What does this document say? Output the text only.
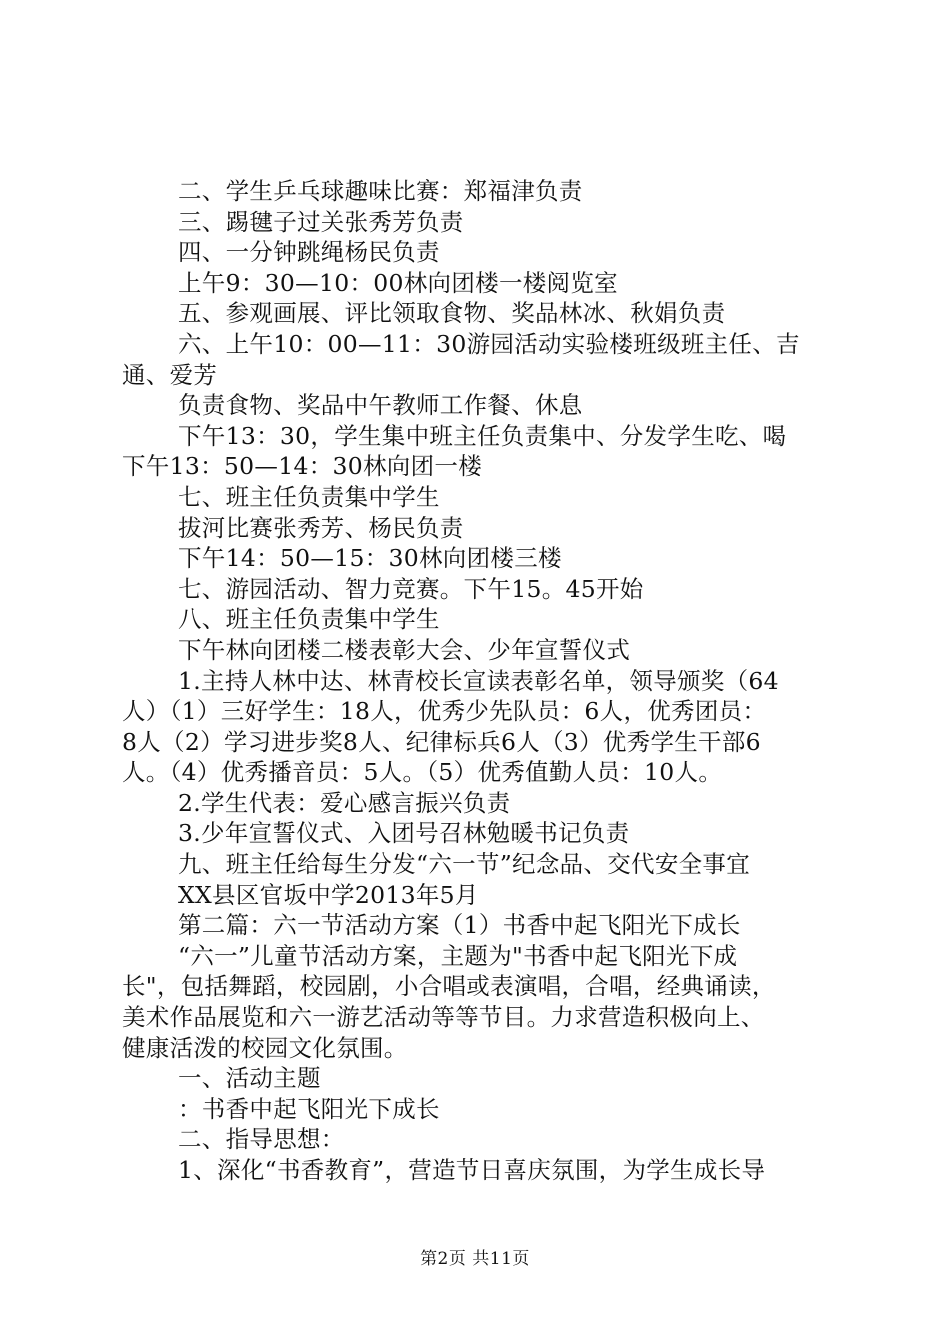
二、学生乒乓球趣味比赛：郑福津负责
三、踢毽子过关张秀芳负责
四、一分钟跳绳杨民负责
上午9：30—10：00林向团楼一楼阅览室
五、参观画展、评比领取食物、奖品林冰、秋娟负责
六、上午10：00—11：30游园活动实验楼班级班主任、吉
通、爱芳
负责食物、奖品中午教师工作餐、休息
下午13：30，学生集中班主任负责集中、分发学生吃、喝
下午13：50—14：30林向团一楼
七、班主任负责集中学生
拔河比赛张秀芳、杨民负责
下午14：50—15：30林向团楼三楼
七、游园活动、智力竞赛。下午15。45开始
八、班主任负责集中学生
下午林向团楼二楼表彰大会、少年宣誓仪式
1.主持人林中达、林青校长宣读表彰名单，领导颁奖（64
人）（1）三好学生：18人，优秀少先队员：6人，优秀团员：
8人（2）学习进步奖8人、纪律标兵6人（3）优秀学生干部6
人。（4）优秀播音员：5人。（5）优秀值勤人员：10人。
2.学生代表：爱心感言振兴负责
3.少年宣誓仪式、入团号召林勉暖书记负责
九、班主任给每生分发“六一节”纪念品、交代安全事宜
XX县区官坂中学2013年5月
第二篇：六一节活动方案（1）书香中起飞阳光下成长
“六一”儿童节活动方案，主题为"书香中起飞阳光下成
长"，包括舞蹈，校园剧，小合唱或表演唱，合唱，经典诵读，
美术作品展览和六一游艺活动等等节目。力求营造积极向上、
健康活泼的校园文化氛围。
一、活动主题
：书香中起飞阳光下成长
二、指导思想：
1、深化“书香教育”，营造节日喜庆氛围，为学生成长导
第2页 共11页
